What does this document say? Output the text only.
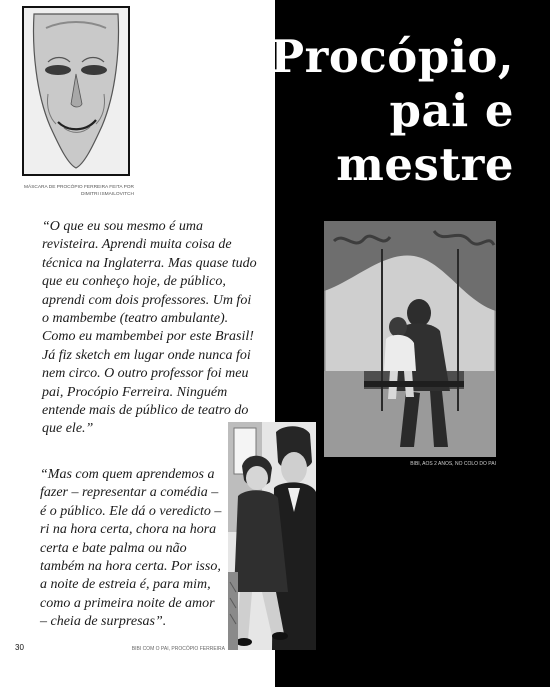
Procópio,
pai e
mestre
MÁSCARA DE PROCÓPIO FERREIRA FEITA POR DIMITRI ISMAILOVITCH

“O que eu sou mesmo é uma revisteira. Aprendi muita coisa de técnica na Inglaterra. Mas quase tudo que eu conheço hoje, de público, aprendi com dois professores. Um foi o mambembe (teatro ambulante). Como eu mambembei por este Brasil! Já fiz sketch em lugar onde nunca foi nem circo. O outro professor foi meu pai, Procópio Ferreira. Ninguém entende mais de público de teatro do que ele.”

BIBI, AOS 2 ANOS, NO COLO DO PAI
BIBI COM O PAI, PROCÓPIO FERREIRA

“Mas com quem aprendemos a fazer – representar a comédia – é o público. Ele dá o veredicto – ri na hora certa, chora na hora certa e bate palma ou não também na hora certa. Por isso, a noite de estreia é, para mim, como a primeira noite de amor – cheia de surpresas”.

30
